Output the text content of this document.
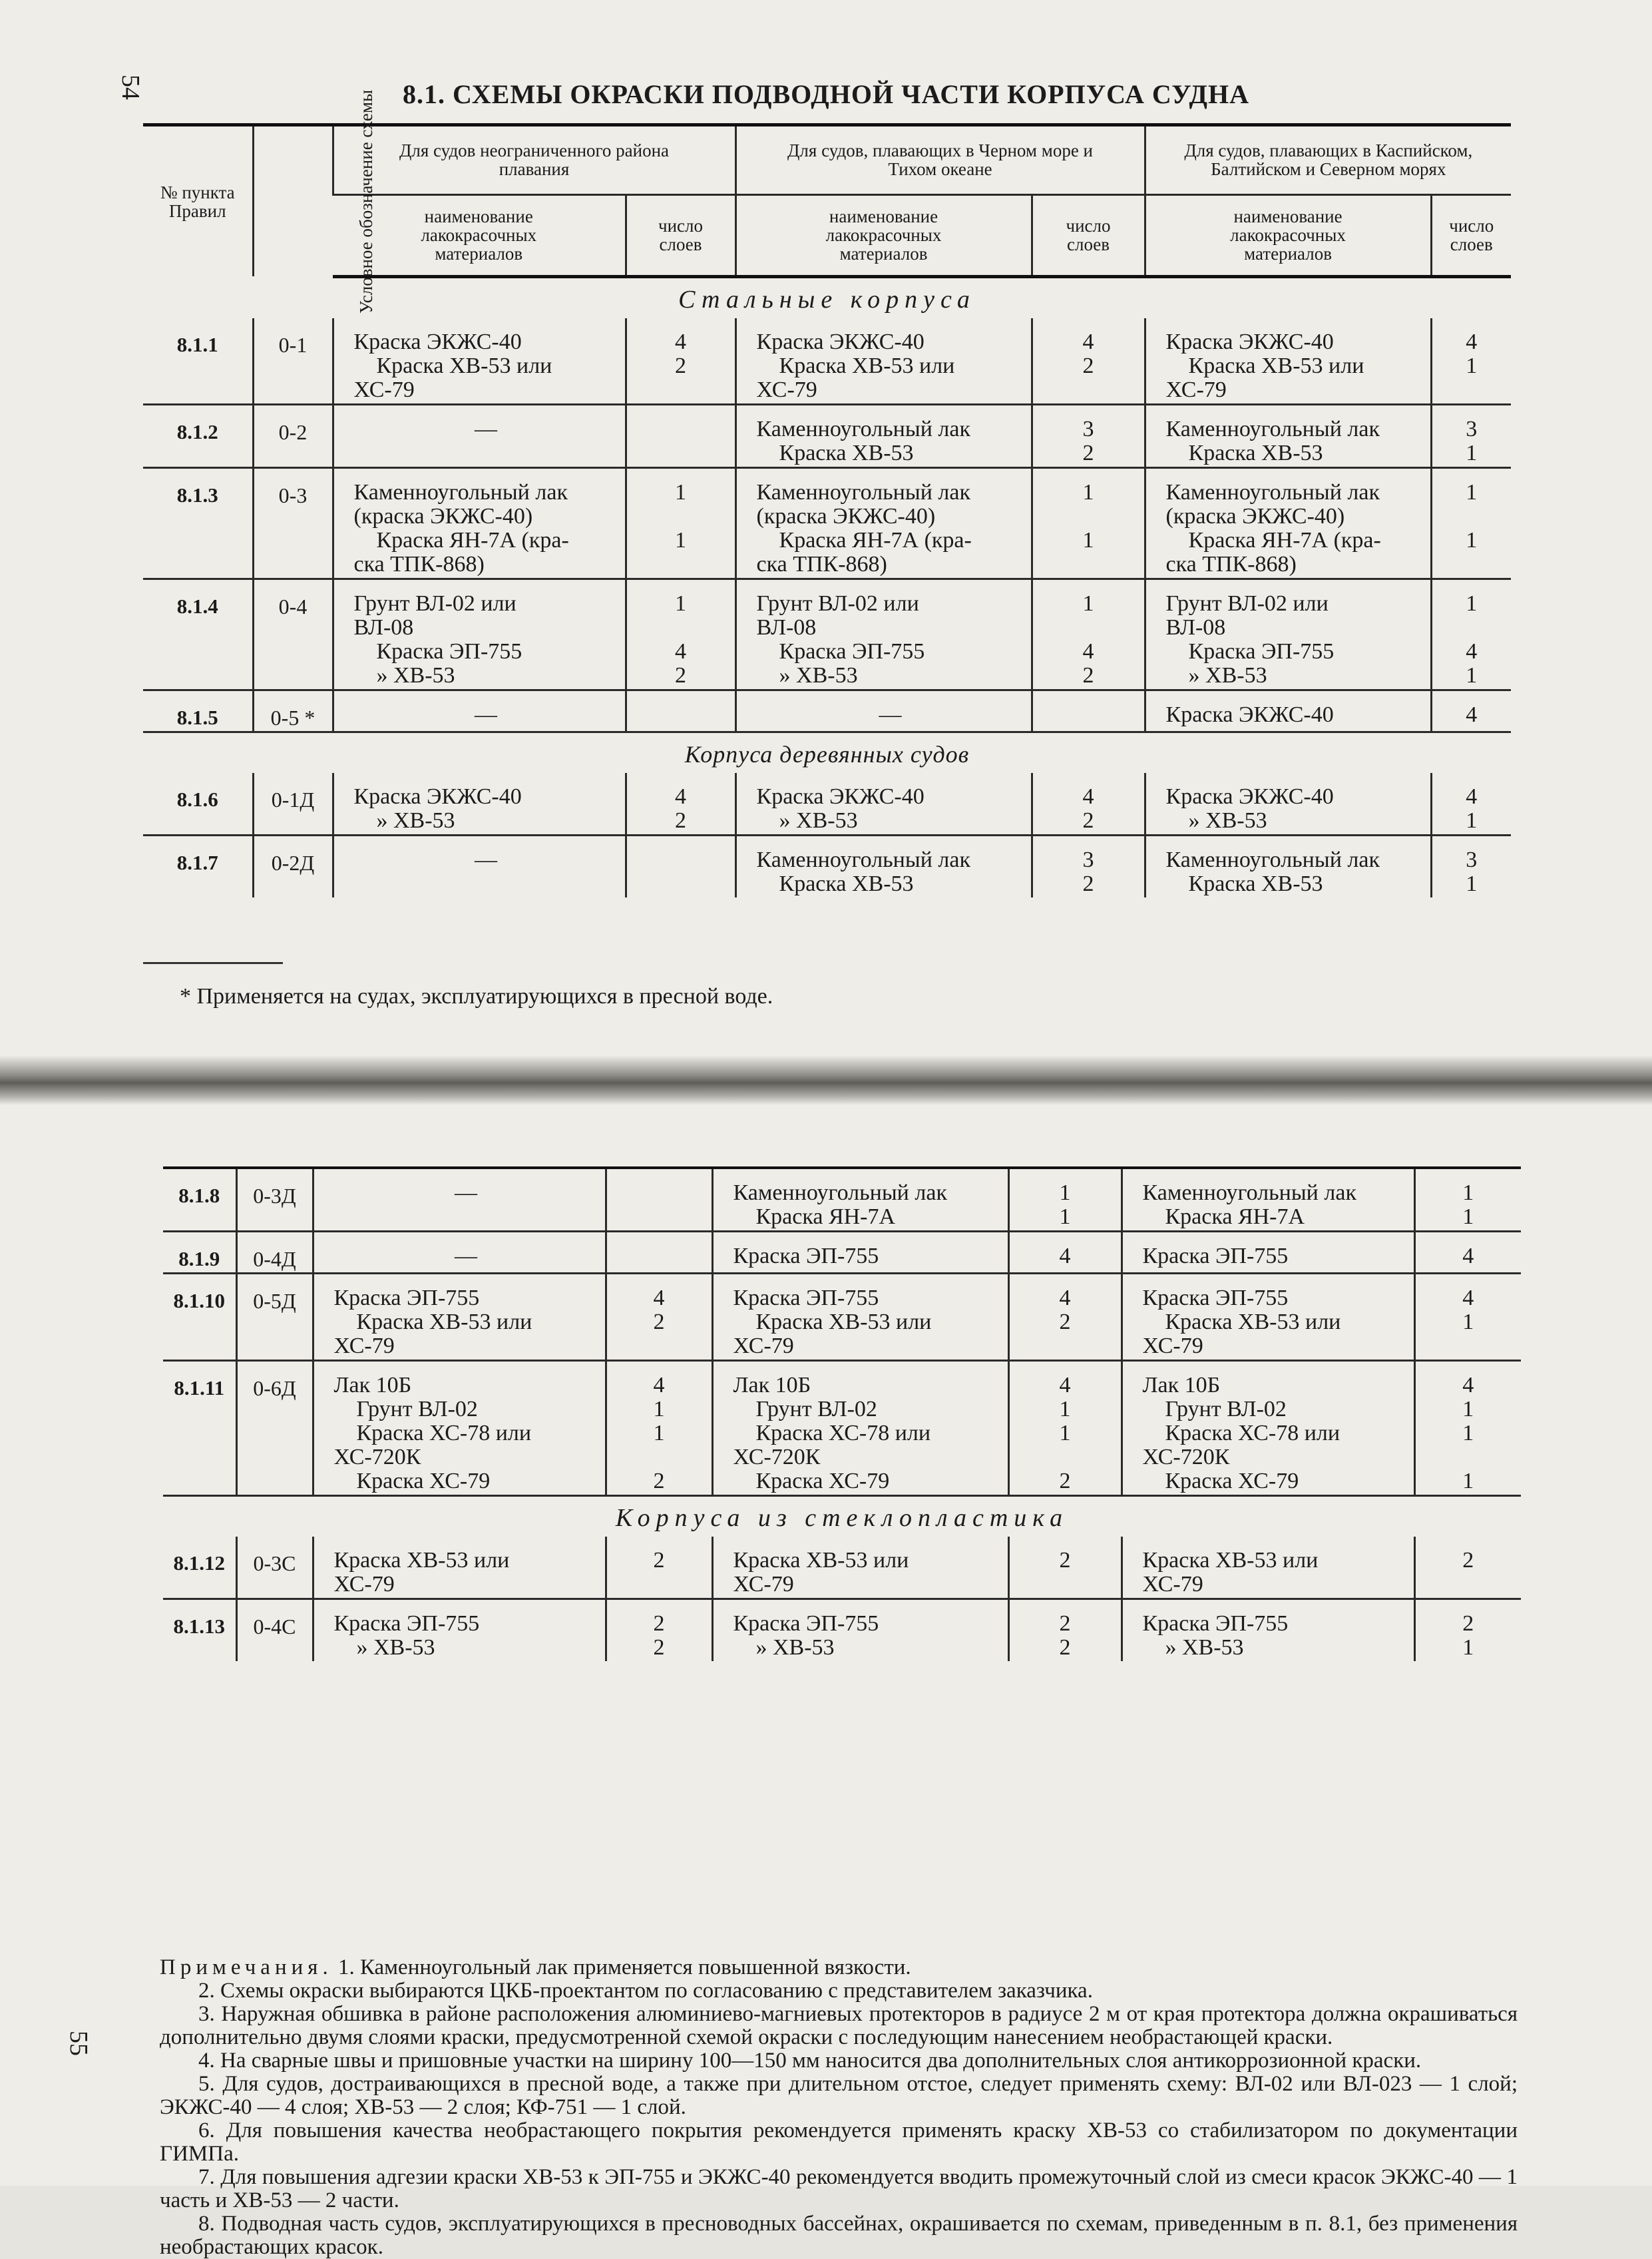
54	8.1. СХЕМЫ ОКРАСКИ ПОДВОДНОЙ ЧАСТИ КОРПУСА СУДНА
№ пункта Правил	Условное обозначение схемы	Для судов неограниченного района плавания		Для судов, плавающих в Черном море и Тихом океане		Для судов, плавающих в Каспийском, Балтийском и Северном морях	
		наименование лакокрасочных материалов	число слоев	наименование лакокрасочных материалов	число слоев	наименование лакокрасочных материалов	число слоев
Стальные корпуса							
8.1.1	0-1	Краска ЭКЖС-40
Краска ХВ-53 или
ХС-79	4
2	Краска ЭКЖС-40
Краска ХВ-53 или
ХС-79	4
2	Краска ЭКЖС-40
Краска ХВ-53 или
ХС-79	4
1

8.1.2	0-2	—		Каменноугольный лак
Краска ХВ-53	3
2	Каменноугольный лак
Краска ХВ-53	3
1

8.1.3	0-3	Каменноугольный лак
(краска ЭКЖС-40)
Краска ЯН-7А (кра-
ска ТПК-868)	1
1	Каменноугольный лак
(краска ЭКЖС-40)
Краска ЯН-7А (кра-
ска ТПК-868)	1
1	Каменноугольный лак
(краска ЭКЖС-40)
Краска ЯН-7А (кра-
ска ТПК-868)	1
1

8.1.4	0-4	Грунт ВЛ-02 или
ВЛ-08
Краска ЭП-755
» ХВ-53	1
4
2	Грунт ВЛ-02 или
ВЛ-08
Краска ЭП-755
» ХВ-53	1
4
2	Грунт ВЛ-02 или
ВЛ-08
Краска ЭП-755
» ХВ-53	1
4
1

8.1.5	0-5 *	—		—		Краска ЭКЖС-40	4

Корпуса деревянных судов							
8.1.6	0-1Д	Краска ЭКЖС-40
» ХВ-53	4
2	Краска ЭКЖС-40
» ХВ-53	4
2	Краска ЭКЖС-40
» ХВ-53	4
1

8.1.7	0-2Д	—		Каменноугольный лак
Краска ХВ-53	3
2	Каменноугольный лак
Краска ХВ-53	3
1
* Применяется на судах, эксплуатирующихся в пресной воде.
55
8.1.8	0-3Д	—		Каменноугольный лак
Краска ЯН-7А	1
1	Каменноугольный лак
Краска ЯН-7А	1
1

8.1.9	0-4Д	—		Краска ЭП-755	4	Краска ЭП-755	4

8.1.10	0-5Д	Краска ЭП-755
Краска ХВ-53 или
ХС-79	4
2	Краска ЭП-755
Краска ХВ-53 или
ХС-79	4
2	Краска ЭП-755
Краска ХВ-53 или
ХС-79	4
1

8.1.11	0-6Д	Лак 10Б
Грунт ВЛ-02
Краска ХС-78 или
ХС-720К
Краска ХС-79	4
1
1
2	Лак 10Б
Грунт ВЛ-02
Краска ХС-78 или
ХС-720К
Краска ХС-79	4
1
1
2	Лак 10Б
Грунт ВЛ-02
Краска ХС-78 или
ХС-720К
Краска ХС-79	4
1
1
1

Корпуса из стеклопластика							
8.1.12	0-3С	Краска ХВ-53 или
ХС-79	2	Краска ХВ-53 или
ХС-79	2	Краска ХВ-53 или
ХС-79	2

8.1.13	0-4С	Краска ЭП-755
» ХВ-53	2
2	Краска ЭП-755
» ХВ-53	2
2	Краска ЭП-755
» ХВ-53	2
1

Примечания. 1. Каменноугольный лак применяется повышенной вязкости.

2. Схемы окраски выбираются ЦКБ-проектантом по согласованию с представителем заказчика.

3. Наружная обшивка в районе расположения алюминиево-магниевых протекторов в радиусе 2 м от края протектора должна окрашиваться дополнительно двумя слоями краски, предусмотренной схемой окраски с последующим нанесением необрастающей краски.

4. На сварные швы и пришовные участки на ширину 100—150 мм наносится два дополнительных слоя антикоррозионной краски.

5. Для судов, достраивающихся в пресной воде, а также при длительном отстое, следует применять схему: ВЛ-02 или ВЛ-023 — 1 слой; ЭКЖС-40 — 4 слоя; ХВ-53 — 2 слоя; КФ-751 — 1 слой.

6. Для повышения качества необрастающего покрытия рекомендуется применять краску ХВ-53 со стабилизатором по документации ГИМПа.

7. Для повышения адгезии краски ХВ-53 к ЭП-755 и ЭКЖС-40 рекомендуется вводить промежуточный слой из смеси краcок ЭКЖС-40 — 1 часть и ХВ-53 — 2 части.

8. Подводная часть судов, эксплуатирующихся в пресноводных бассейнах, окрашивается по схемам, приведенным в п. 8.1, без применения необрастающих красок.
